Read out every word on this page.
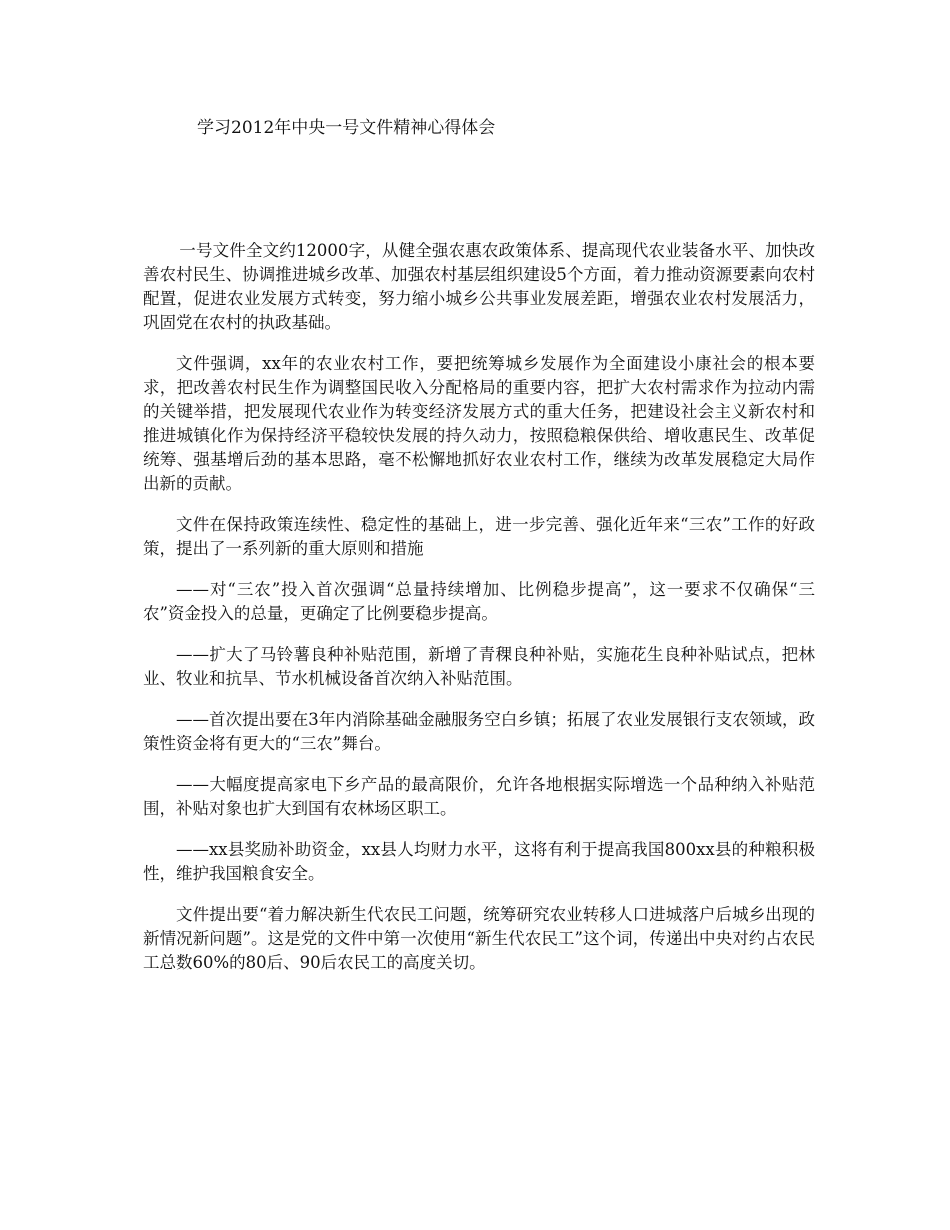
学习2012年中央一号文件精神心得体会

一号文件全文约12000字，从健全强农惠农政策体系、提高现代农业装备水平、加快改善农村民生、协调推进城乡改革、加强农村基层组织建设5个方面，着力推动资源要素向农村配置，促进农业发展方式转变，努力缩小城乡公共事业发展差距，增强农业农村发展活力，巩固党在农村的执政基础。

文件强调，xx年的农业农村工作，要把统筹城乡发展作为全面建设小康社会的根本要求，把改善农村民生作为调整国民收入分配格局的重要内容，把扩大农村需求作为拉动内需的关键举措，把发展现代农业作为转变经济发展方式的重大任务，把建设社会主义新农村和推进城镇化作为保持经济平稳较快发展的持久动力，按照稳粮保供给、增收惠民生、改革促统筹、强基增后劲的基本思路，毫不松懈地抓好农业农村工作，继续为改革发展稳定大局作出新的贡献。

文件在保持政策连续性、稳定性的基础上，进一步完善、强化近年来“三农”工作的好政策，提出了一系列新的重大原则和措施

——对“三农”投入首次强调“总量持续增加、比例稳步提高”，这一要求不仅确保“三农”资金投入的总量，更确定了比例要稳步提高。

——扩大了马铃薯良种补贴范围，新增了青稞良种补贴，实施花生良种补贴试点，把林业、牧业和抗旱、节水机械设备首次纳入补贴范围。

——首次提出要在3年内消除基础金融服务空白乡镇；拓展了农业发展银行支农领域，政策性资金将有更大的“三农”舞台。

——大幅度提高家电下乡产品的最高限价，允许各地根据实际增选一个品种纳入补贴范围，补贴对象也扩大到国有农林场区职工。

——xx县奖励补助资金，xx县人均财力水平，这将有利于提高我国800xx县的种粮积极性，维护我国粮食安全。

文件提出要“着力解决新生代农民工问题，统筹研究农业转移人口进城落户后城乡出现的新情况新问题”。这是党的文件中第一次使用“新生代农民工”这个词，传递出中央对约占农民工总数60%的80后、90后农民工的高度关切。
